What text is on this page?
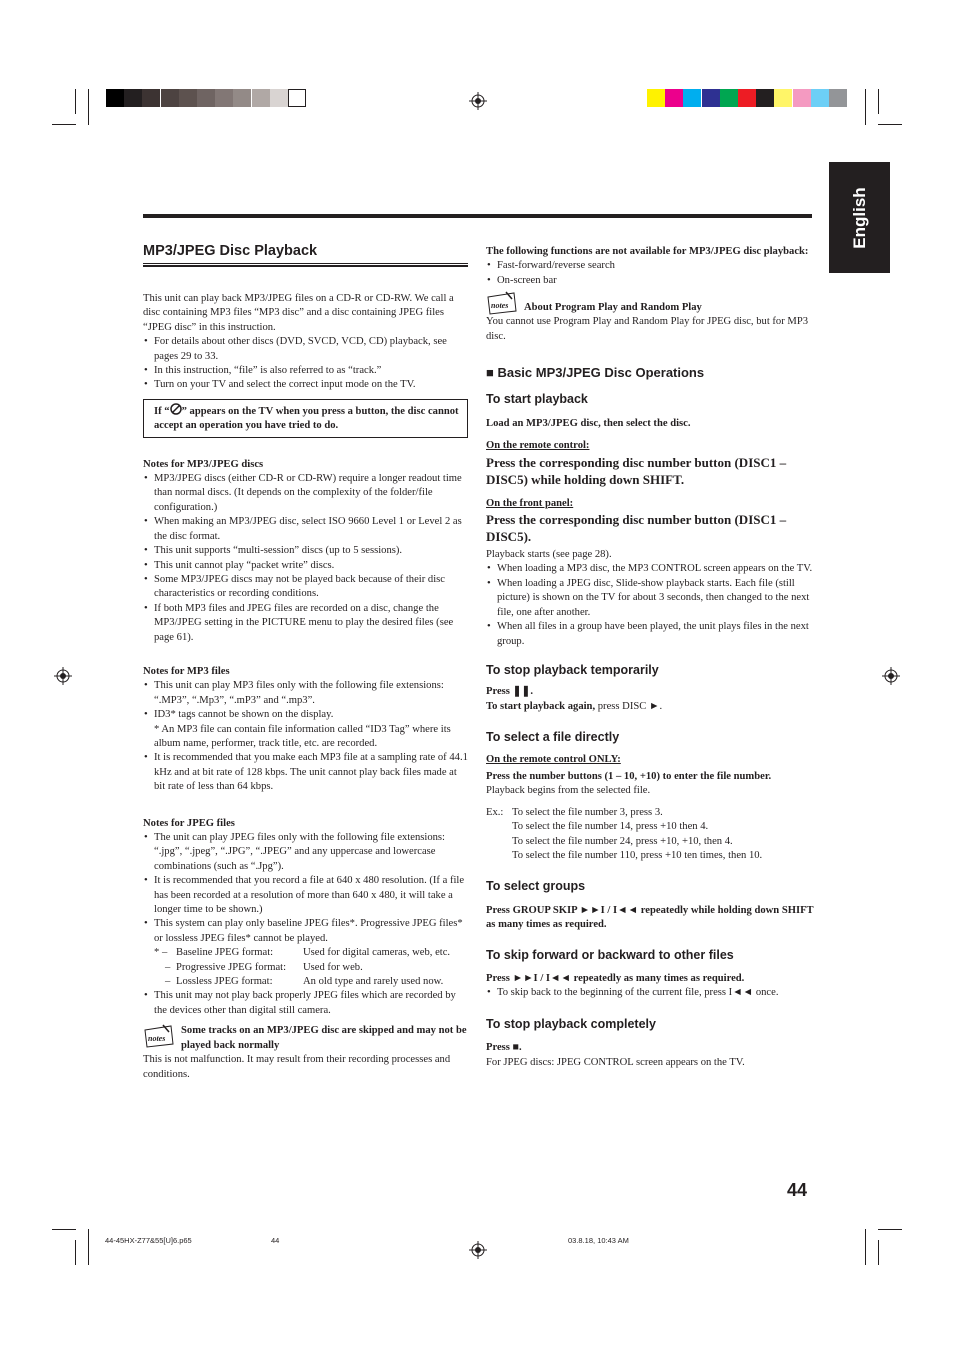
English
MP3/JPEG Disc Playback

This unit can play back MP3/JPEG files on a CD-R or CD-RW. We call a disc containing MP3 files “MP3 disc” and a disc containing JPEG files “JPEG disc” in this instruction.

• For details about other discs (DVD, SVCD, VCD, CD) playback, see pages 29 to 33.
• In this instruction, “file” is also referred to as “track.”
• Turn on your TV and select the correct input mode on the TV.
If “ ” appears on the TV when you press a button, the disc cannot accept an operation you have tried to do.

Notes for MP3/JPEG discs

• MP3/JPEG discs (either CD-R or CD-RW) require a longer readout time than normal discs. (It depends on the complexity of the folder/file configuration.)
• When making an MP3/JPEG disc, select ISO 9660 Level 1 or Level 2 as the disc format.
• This unit supports “multi-session” discs (up to 5 sessions).
• This unit cannot play “packet write” discs.
• Some MP3/JPEG discs may not be played back because of their disc characteristics or recording conditions.
• If both MP3 files and JPEG files are recorded on a disc, change the MP3/JPEG setting in the PICTURE menu to play the desired files (see page 61).

Notes for MP3 files

• This unit can play MP3 files only with the following file extensions: “.MP3”, “.Mp3”, “.mP3” and “.mp3”.
• ID3* tags cannot be shown on the display.

* An MP3 file can contain file information called “ID3 Tag” where its album name, performer, track title, etc. are recorded.

• It is recommended that you make each MP3 file at a sampling rate of 44.1 kHz and at bit rate of 128 kbps. The unit cannot play back files made at bit rate of less than 64 kbps.

Notes for JPEG files

• The unit can play JPEG files only with the following file extensions: “.jpg”, “.jpeg”, “.JPG”, “.JPEG” and any uppercase and lowercase combinations (such as “.Jpg”).
• It is recommended that you record a file at 640 x 480 resolution. (If a file has been recorded at a resolution of more than 640 x 480, it will take a longer time to be shown.)
• This system can play only baseline JPEG files*. Progressive JPEG files* or lossless JPEG files* cannot be played.

* – Baseline JPEG format:	Used for digital cameras, web, etc.

– Progressive JPEG format: Used for web.

– Lossless JPEG format:	An old type and rarely used now.

• This unit may not play back properly JPEG files which are recorded by the devices other than digital still camera.
notes

Some tracks on an MP3/JPEG disc are skipped and may not be played back normally

This is not malfunction. It may result from their recording processes and conditions.

The following functions are not available for MP3/JPEG disc playback:

• Fast-forward/reverse search
• On-screen bar
notes About Program Play and Random Play

You cannot use Program Play and Random Play for JPEG disc, but for MP3 disc.

■ Basic MP3/JPEG Disc Operations

To start playback

Load an MP3/JPEG disc, then select the disc.

On the remote control:

Press the corresponding disc number button (DISC1 – DISC5) while holding down SHIFT.

On the front panel:

Press the corresponding disc number button (DISC1 – DISC5).

Playback starts (see page 28).

• When loading a MP3 disc, the MP3 CONTROL screen appears on the TV.
• When loading a JPEG disc, Slide-show playback starts. Each file (still picture) is shown on the TV for about 3 seconds, then changed to the next file, one after another.
• When all files in a group have been played, the unit plays files in the next group.

To stop playback temporarily

Press ❚❚.

To start playback again, press DISC ►.

To select a file directly

On the remote control ONLY:

Press the number buttons (1 – 10, +10) to enter the file number.

Playback begins from the selected file.

Ex.: To select the file number 3, press 3.

To select the file number 14, press +10 then 4.

To select the file number 24, press +10, +10, then 4.

To select the file number 110, press +10 ten times, then 10.

To select groups

Press GROUP SKIP ►►I / I◄◄ repeatedly while holding down SHIFT as many times as required.

To skip forward or backward to other files

Press ►►I / I◄◄ repeatedly as many times as required.

• To skip back to the beginning of the current file, press I◄◄ once.

To stop playback completely

Press ■.

For JPEG discs: JPEG CONTROL screen appears on the TV.

44
44-45HX-Z77&55[U]6.p65	44	03.8.18, 10:43 AM
